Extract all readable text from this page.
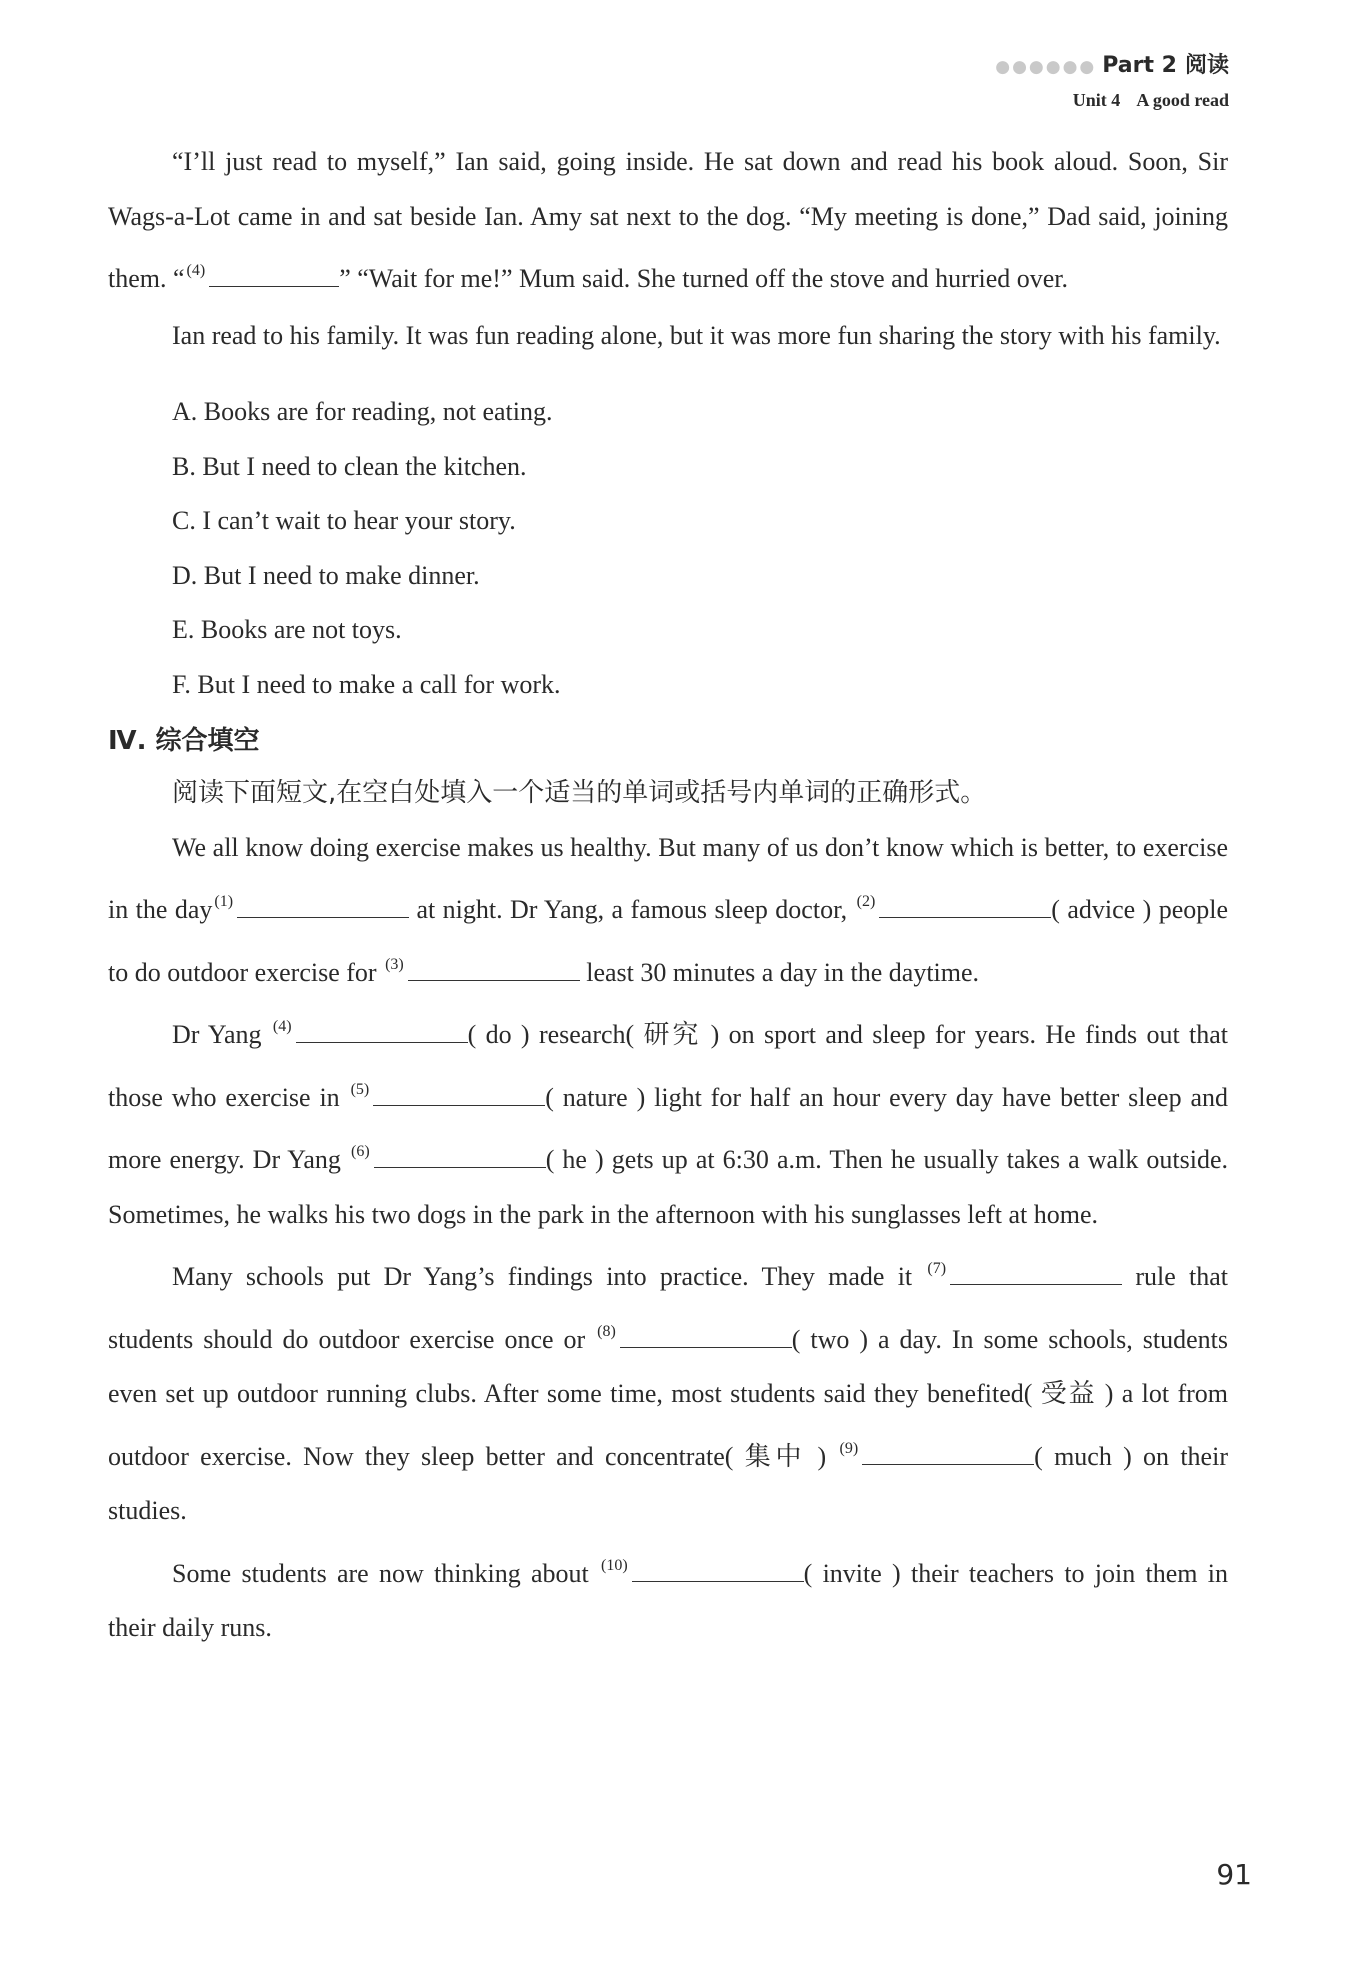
●●●●●● Part 2 阅读
Unit 4 A good read

“I’ll just read to myself,” Ian said, going inside. He sat down and read his book aloud. Soon, Sir Wags-a-Lot came in and sat beside Ian. Amy sat next to the dog. “My meeting is done,” Dad said, joining them. “ $^{(4)}$	” “Wait for me!” Mum said. She turned off the stove and hurried over.

Ian read to his family. It was fun reading alone, but it was more fun sharing the story with his family.

A. Books are for reading, not eating.
B. But I need to clean the kitchen.
C. I can’t wait to hear your story.
D. But I need to make dinner.
E. Books are not toys.
F. But I need to make a call for work.
Ⅳ. 综合填空

阅读下面短文,在空白处填入一个适当的单词或括号内单词的正确形式。

We all know doing exercise makes us healthy. But many of us don’t know which is better, to exercise in the day $^{(1)}$	at night. Dr Yang, a famous sleep doctor, $^{(2)}$	( advice ) people to do outdoor exercise for $^{(3)}$	least 30 minutes a day in the daytime.

Dr Yang $^{(4)}$	( do ) research( 研究 ) on sport and sleep for years. He finds out that those who exercise in $^{(5)}$	( nature ) light for half an hour every day have better sleep and more energy. Dr Yang $^{(6)}$	( he ) gets up at 6:30 a.m. Then he usually takes a walk outside. Sometimes, he walks his two dogs in the park in the afternoon with his sunglasses left at home.

Many schools put Dr Yang’s findings into practice. They made it $^{(7)}$	rule that students should do outdoor exercise once or $^{(8)}$	( two ) a day. In some schools, students even set up outdoor running clubs. After some time, most students said they benefited( 受益 ) a lot from outdoor exercise. Now they sleep better and concentrate( 集中 ) $^{(9)}$	( much ) on their studies.

Some students are now thinking about $^{(10)}$	( invite ) their teachers to join them in their daily runs.

91
